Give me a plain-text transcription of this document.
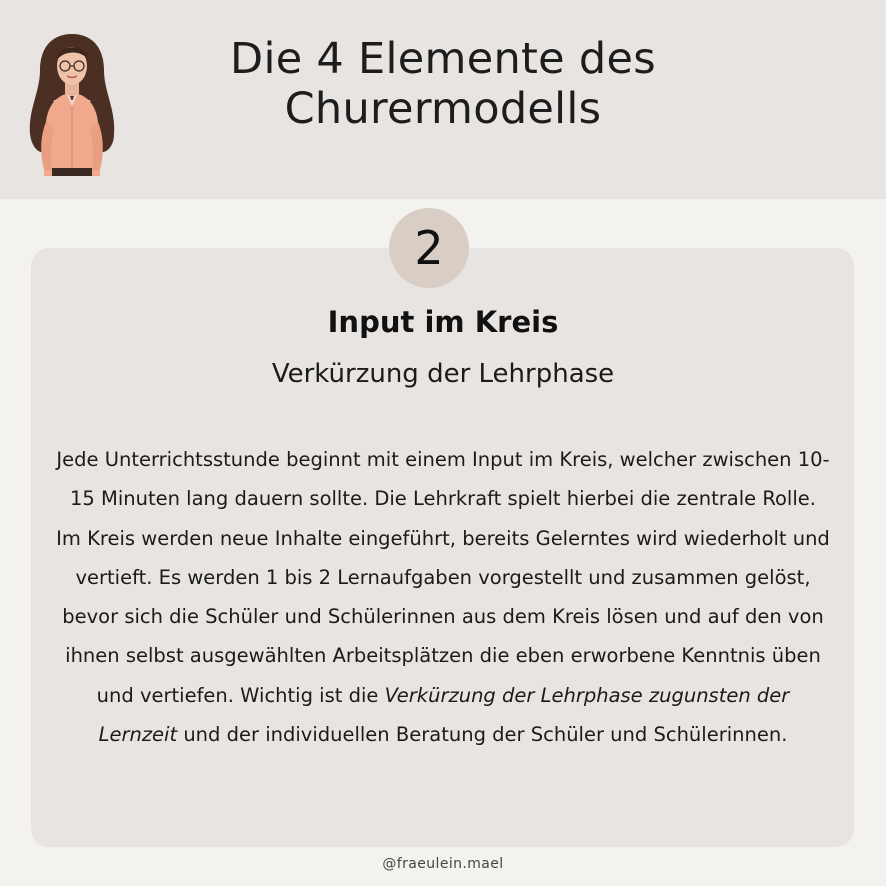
Die 4 Elemente des
Churermodells
2
Input im Kreis
Verkürzung der Lehrphase

Jede Unterrichtsstunde beginnt mit einem Input im Kreis, welcher zwischen 10-15 Minuten lang dauern sollte. Die Lehrkraft spielt hierbei die zentrale Rolle. Im Kreis werden neue Inhalte eingeführt, bereits Gelerntes wird wiederholt und vertieft. Es werden 1 bis 2 Lernaufgaben vorgestellt und zusammen gelöst, bevor sich die Schüler und Schülerinnen aus dem Kreis lösen und auf den von ihnen selbst ausgewählten Arbeitsplätzen die eben erworbene Kenntnis üben und vertiefen. Wichtig ist die Verkürzung der Lehrphase zugunsten der Lernzeit und der individuellen Beratung der Schüler und Schülerinnen.

@fraeulein.mael
